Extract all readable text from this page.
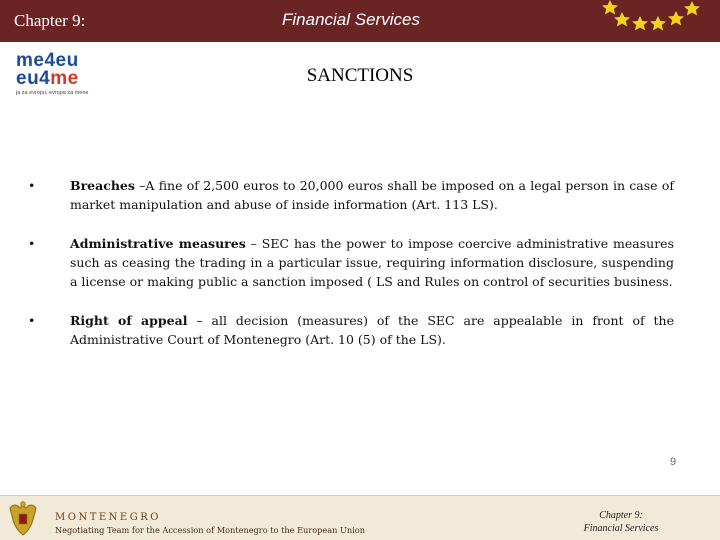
Chapter 9:	Financial Services
me4eu
eu4me
ja za evropu, evropa za mene
SANCTIONS
•	Breaches –A fine of 2,500 euros to 20,000 euros shall be imposed on a legal person in case of market manipulation and abuse of inside information (Art. 113 LS).
•	Administrative measures – SEC has the power to impose coercive administrative measures such as ceasing the trading in a particular issue, requiring information disclosure, suspending a license or making public a sanction imposed ( LS and Rules on control of securities business.
•	Right of appeal – all decision (measures) of the SEC are appealable in front of the Administrative Court of Montenegro (Art. 10 (5) of the LS).
9
MONTENEGRO
Negotiating Team for the Accession of Montenegro to the European Union
Chapter 9:
Financial Services
